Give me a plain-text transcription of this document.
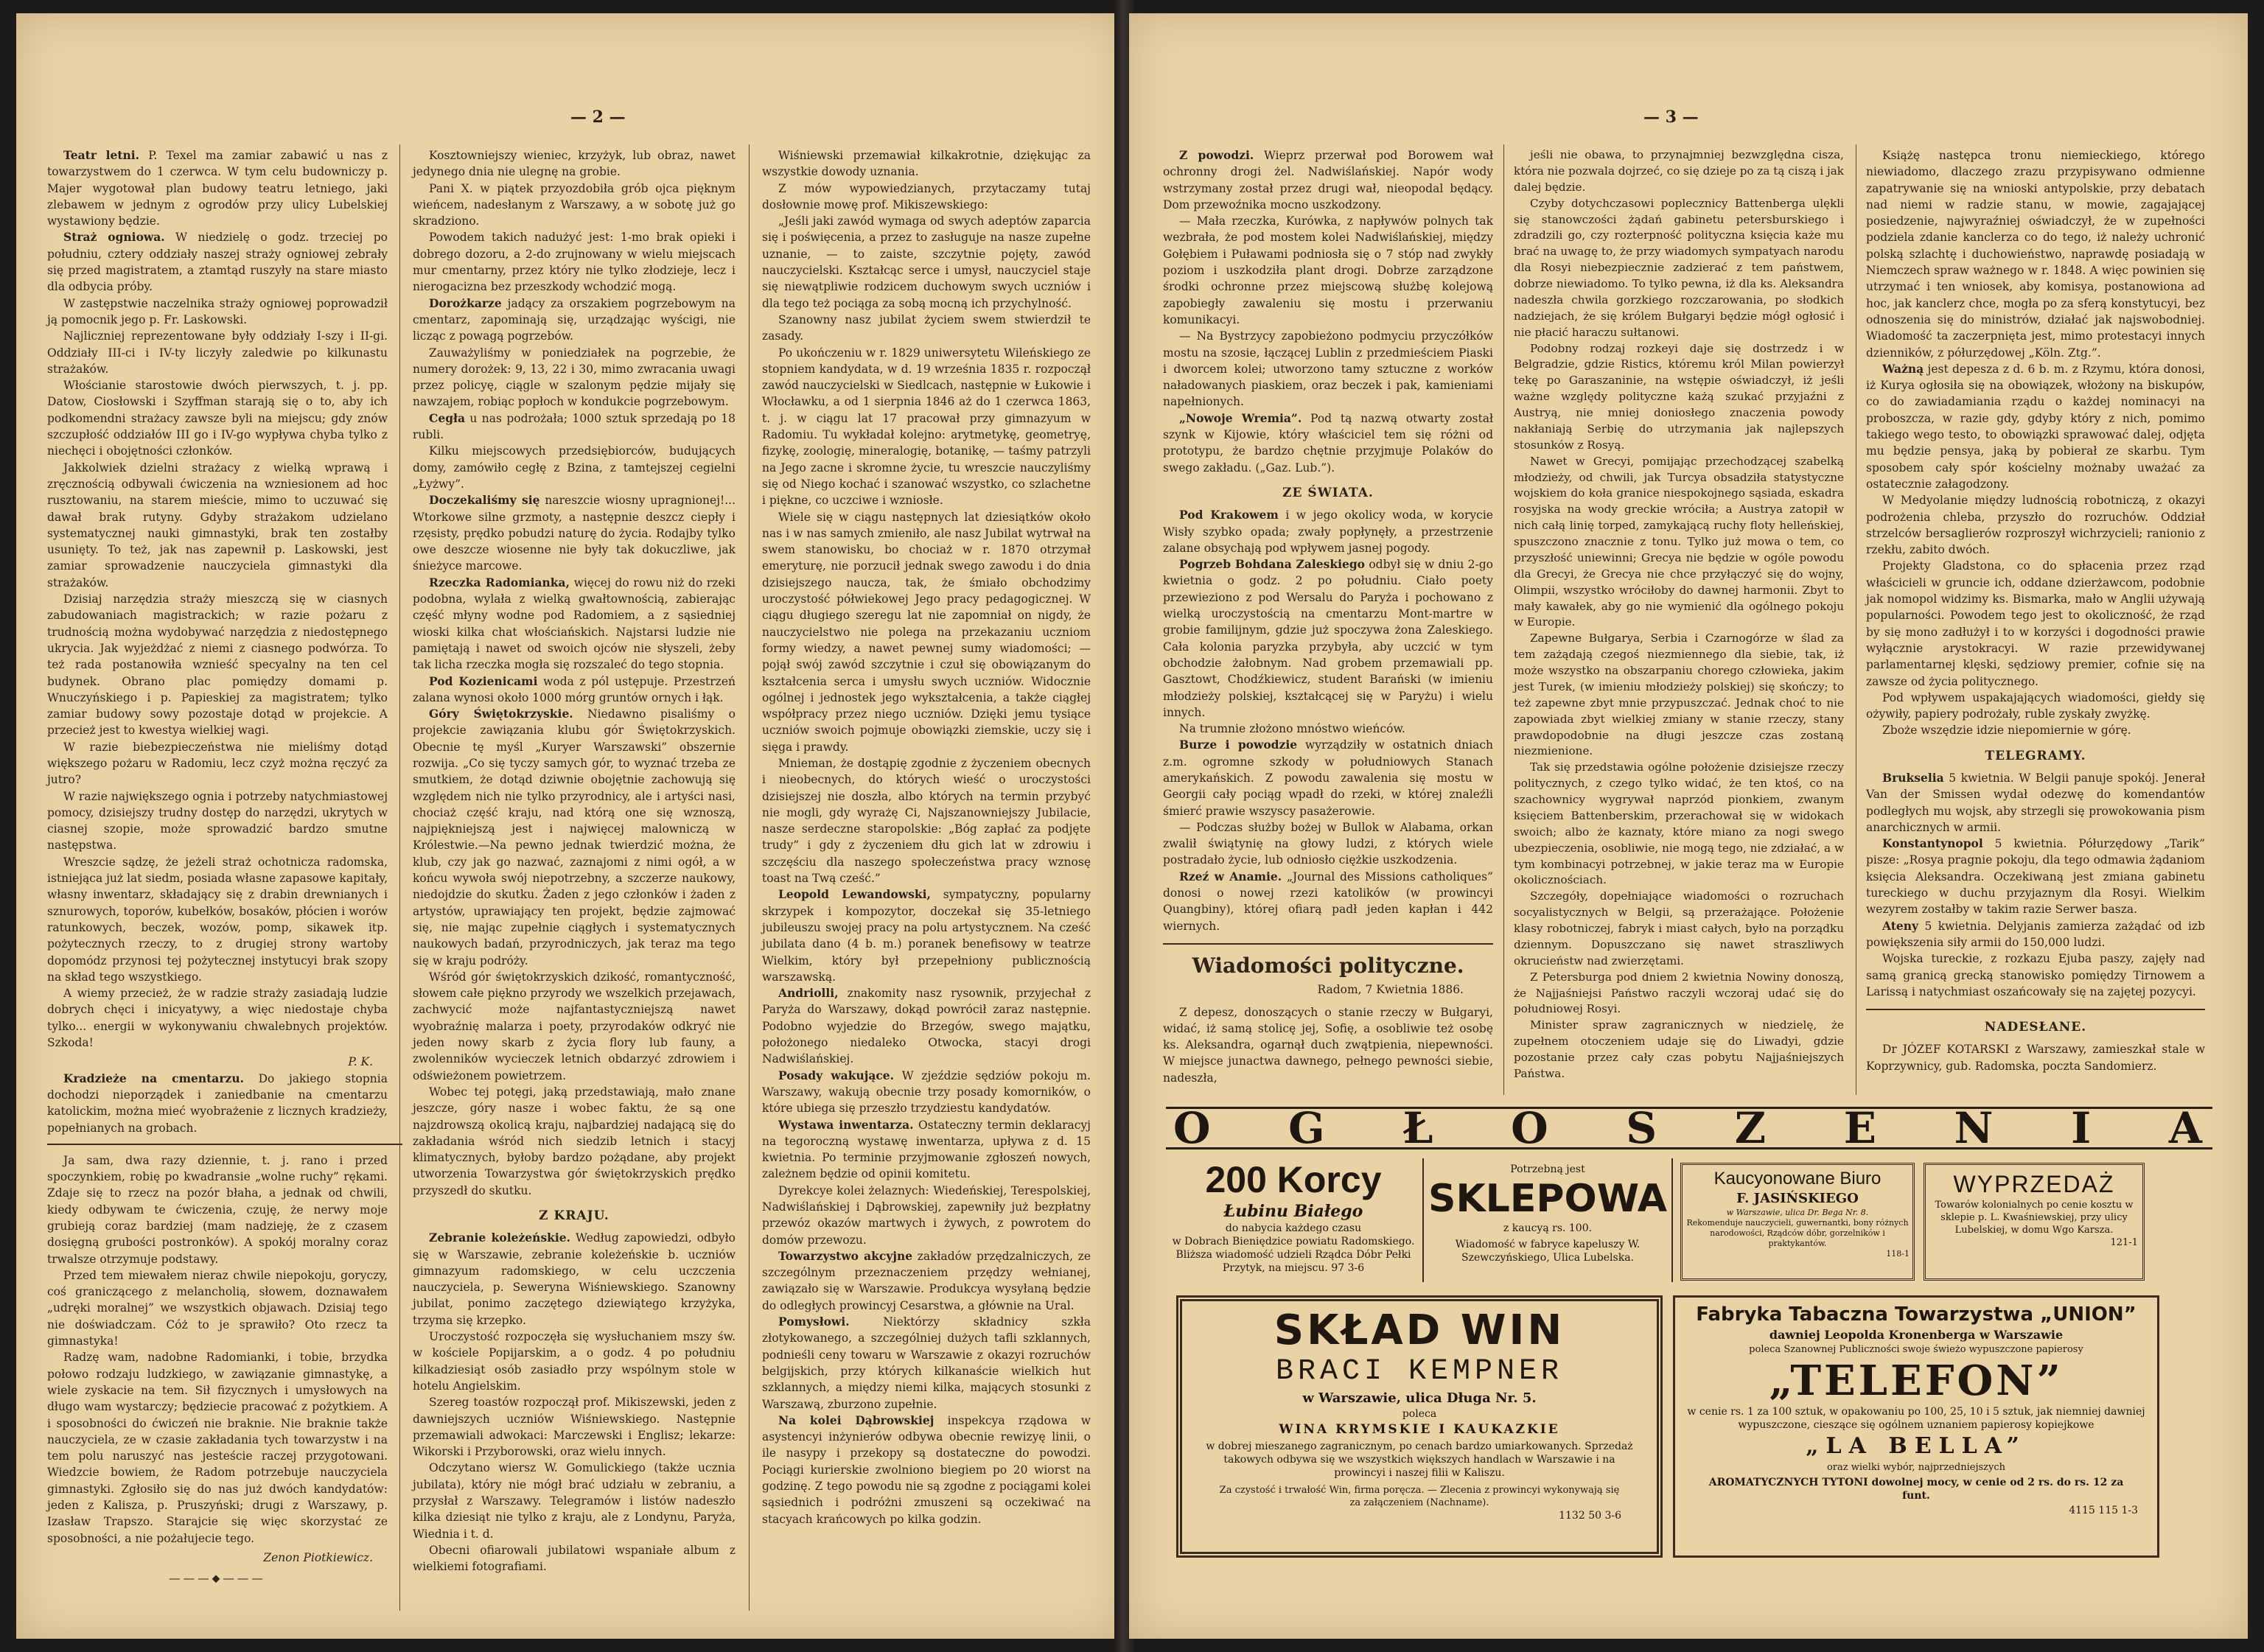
— 2 —

Teatr letni. P. Texel ma zamiar zabawić u nas z towarzystwem do 1 czerwca. W tym celu budowniczy p. Majer wygotował plan budowy teatru letniego, jaki zlebawem w jednym z ogrodów przy ulicy Lubelskiej wystawiony będzie.

Straż ogniowa. W niedzielę o godz. trzeciej po południu, cztery oddziały naszej straży ogniowej zebrały się przed magistratem, a ztamtąd ruszyły na stare miasto dla odbycia próby.

W zastępstwie naczelnika straży ogniowej poprowadził ją pomocnik jego p. Fr. Laskowski.

Najliczniej reprezentowane były oddziały I-szy i II-gi. Oddziały III-ci i IV-ty liczyły zaledwie po kilkunastu strażaków.

Włościanie starostowie dwóch pierwszych, t. j. pp. Datow, Ciosłowski i Szyffman starają się o to, aby ich podkomendni strażacy zawsze byli na miejscu; gdy znów szczupłość oddziałów III go i IV-go wypływa chyba tylko z niechęci i obojętności członków.

Jakkolwiek dzielni strażacy z wielką wprawą i zręcznością odbywali ćwiczenia na wzniesionem ad hoc rusztowaniu, na starem mieście, mimo to uczuwać się dawał brak rutyny. Gdyby strażakom udzielano systematycznej nauki gimnastyki, brak ten zostałby usunięty. To też, jak nas zapewnił p. Laskowski, jest zamiar sprowadzenie nauczyciela gimnastyki dla strażaków.

Dzisiaj narzędzia straży mieszczą się w ciasnych zabudowaniach magistrackich; w razie pożaru z trudnością można wydobywać narzędzia z niedostępnego ukrycia. Jak wyjeżdżać z niemi z ciasnego podwórza. To też rada postanowiła wznieść specyalny na ten cel budynek. Obrano plac pomiędzy domami p. Wnuczyńskiego i p. Papieskiej za magistratem; tylko zamiar budowy sowy pozostaje dotąd w projekcie. A przecież jest to kwestya wielkiej wagi.

W razie biebezpieczeństwa nie mieliśmy dotąd większego pożaru w Radomiu, lecz czyż można ręczyć za jutro?

W razie największego ognia i potrzeby natychmiastowej pomocy, dzisiejszy trudny dostęp do narzędzi, ukrytych w ciasnej szopie, może sprowadzić bardzo smutne następstwa.

Wreszcie sądzę, że jeżeli straż ochotnicza radomska, istniejąca już lat siedm, posiada własne zapasowe kapitały, własny inwentarz, składający się z drabin drewnianych i sznurowych, toporów, kubełków, bosaków, płócien i worów ratunkowych, beczek, wozów, pomp, sikawek itp. pożytecznych rzeczy, to z drugiej strony wartoby dopomódz przynosi tej pożytecznej instytucyi brak szopy na skład tego wszystkiego.

A wiemy przecież, że w radzie straży zasiadają ludzie dobrych chęci i inicyatywy, a więc niedostaje chyba tylko... energii w wykonywaniu chwalebnych projektów. Szkoda!

P. K.

Kradzieże na cmentarzu. Do jakiego stopnia dochodzi nieporządek i zaniedbanie na cmentarzu katolickim, można mieć wyobrażenie z licznych kradzieży, popełnianych na grobach.

Ja sam, dwa razy dziennie, t. j. rano i przed spoczynkiem, robię po kwadransie „wolne ruchy” rękami. Zdaje się to rzecz na pozór błaha, a jednak od chwili, kiedy odbywam te ćwiczenia, czuję, że nerwy moje grubieją coraz bardziej (mam nadzieję, że z czasem dosięgną grubości postronków). A spokój moralny coraz trwalsze otrzymuje podstawy.

Przed tem miewałem nieraz chwile niepokoju, goryczy, coś graniczącego z melancholią, słowem, doznawałem „udręki moralnej” we wszystkich objawach. Dzisiaj tego nie doświadczam. Cóż to je sprawiło? Oto rzecz ta gimnastyka!

Radzę wam, nadobne Radomianki, i tobie, brzydka połowo rodzaju ludzkiego, w zawiązanie gimnastykę, a wiele zyskacie na tem. Sił fizycznych i umysłowych na długo wam wystarczy; będziecie pracować z pożytkiem. A i sposobności do ćwiczeń nie braknie. Nie braknie także nauczyciela, ze w czasie zakładania tych towarzystw i na tem polu naruszyć nas jesteście raczej przygotowani. Wiedzcie bowiem, że Radom potrzebuje nauczyciela gimnastyki. Zgłosiło się do nas już dwóch kandydatów: jeden z Kalisza, p. Pruszyński; drugi z Warszawy, p. Izasław Trapszo. Starajcie się więc skorzystać ze sposobności, a nie pożałujecie tego.

Zenon Piotkiewicz.
———⬥———

Kosztowniejszy wieniec, krzyżyk, lub obraz, nawet jedynego dnia nie ulegnę na grobie.

Pani X. w piątek przyozdobiła grób ojca pięknym wieńcem, nadesłanym z Warszawy, a w sobotę już go skradziono.

Powodem takich nadużyć jest: 1-mo brak opieki i dobrego dozoru, a 2-do zrujnowany w wielu miejscach mur cmentarny, przez który nie tylko złodzieje, lecz i nierogacizna bez przeszkody wchodzić mogą.

Dorożkarze jadący za orszakiem pogrzebowym na cmentarz, zapominają się, urządzając wyścigi, nie licząc z powagą pogrzebów.

Zauważyliśmy w poniedziałek na pogrzebie, że numery dorożek: 9, 13, 22 i 30, mimo zwracania uwagi przez policyę, ciągle w szalonym pędzie mijały się nawzajem, robiąc popłoch w kondukcie pogrzebowym.

Cegła u nas podrożała; 1000 sztuk sprzedają po 18 rubli.

Kilku miejscowych przedsiębiorców, budujących domy, zamówiło cegłę z Bzina, z tamtejszej cegielni „Łyżwy”.

Doczekaliśmy się nareszcie wiosny upragnionej!... Wtorkowe silne grzmoty, a następnie deszcz ciepły i rzęsisty, prędko pobudzi naturę do życia. Rodajby tylko owe deszcze wiosenne nie były tak dokuczliwe, jak śnieżyce marcowe.

Rzeczka Radomianka, więcej do rowu niż do rzeki podobna, wylała z wielką gwałtownością, zabierając część młyny wodne pod Radomiem, a z sąsiedniej wioski kilka chat włościańskich. Najstarsi ludzie nie pamiętają i nawet od swoich ojców nie słyszeli, żeby tak licha rzeczka mogła się rozszaleć do tego stopnia.

Pod Kozienicami woda z pól ustępuje. Przestrzeń zalana wynosi około 1000 mórg gruntów ornych i łąk.

Góry Świętokrzyskie. Niedawno pisaliśmy o projekcie zawiązania klubu gór Świętokrzyskich. Obecnie tę myśl „Kuryer Warszawski” obszernie rozwija. „Co się tyczy samych gór, to wyznać trzeba ze smutkiem, że dotąd dziwnie obojętnie zachowują się względem nich nie tylko przyrodnicy, ale i artyści nasi, chociaż część kraju, nad którą one się wznoszą, najpiękniejszą jest i najwięcej malowniczą w Królestwie.—Na pewno jednak twierdzić można, że klub, czy jak go nazwać, zaznajomi z nimi ogół, a w końcu wywoła swój niepotrzebny, a szczerze naukowy, niedojdzie do skutku. Żaden z jego członków i żaden z artystów, uprawiający ten projekt, będzie zajmować się, nie mając zupełnie ciągłych i systematycznych naukowych badań, przyrodniczych, jak teraz ma tego się w kraju podróży.

Wśród gór świętokrzyskich dzikość, romantyczność, słowem całe piękno przyrody we wszelkich przejawach, zachwycić może najfantastyczniejszą nawet wyobraźnię malarza i poety, przyrodaków odkryć nie jeden nowy skarb z życia flory lub fauny, a zwolenników wycieczek letnich obdarzyć zdrowiem i odświeżonem powietrzem.

Wobec tej potęgi, jaką przedstawiają, mało znane jeszcze, góry nasze i wobec faktu, że są one najzdrowszą okolicą kraju, najbardziej nadającą się do zakładania wśród nich siedzib letnich i stacyj klimatycznych, byłoby bardzo pożądane, aby projekt utworzenia Towarzystwa gór świętokrzyskich prędko przyszedł do skutku.

Z KRAJU.

Zebranie koleżeńskie. Według zapowiedzi, odbyło się w Warszawie, zebranie koleżeńskie b. uczniów gimnazyum radomskiego, w celu uczczenia nauczyciela, p. Seweryna Wiśniewskiego. Szanowny jubilat, ponimo zaczętego dziewiątego krzyżyka, trzyma się krzepko.

Uroczystość rozpoczęła się wysłuchaniem mszy św. w kościele Popijarskim, a o godz. 4 po południu kilkadziesiąt osób zasiadło przy wspólnym stole w hotelu Angielskim.

Szereg toastów rozpoczął prof. Mikiszewski, jeden z dawniejszych uczniów Wiśniewskiego. Następnie przemawiali adwokaci: Marczewski i Englisz; lekarze: Wikorski i Przyborowski, oraz wielu innych.

Odczytano wiersz W. Gomulickiego (także ucznia jubilata), który nie mógł brać udziału w zebraniu, a przysłał z Warszawy. Telegramów i listów nadeszło kilka dziesiąt nie tylko z kraju, ale z Londynu, Paryża, Wiednia i t. d.

Obecni ofiarowali jubilatowi wspaniałe album z wielkiemi fotografiami.

Wiśniewski przemawiał kilkakrotnie, dziękując za wszystkie dowody uznania.

Z mów wypowiedzianych, przytaczamy tutaj dosłownie mowę prof. Mikiszewskiego:

„Jeśli jaki zawód wymaga od swych adeptów zaparcia się i poświęcenia, a przez to zasługuje na nasze zupełne uznanie, — to zaiste, szczytnie pojęty, zawód nauczycielski. Kształcąc serce i umysł, nauczyciel staje się niewątpliwie rodzicem duchowym swych uczniów i dla tego też pociąga za sobą mocną ich przychylność.

Szanowny nasz jubilat życiem swem stwierdził te zasady.

Po ukończeniu w r. 1829 uniwersytetu Wileńskiego ze stopniem kandydata, w d. 19 września 1835 r. rozpoczął zawód nauczycielski w Siedlcach, następnie w Łukowie i Włocławku, a od 1 sierpnia 1846 aż do 1 czerwca 1863, t. j. w ciągu lat 17 pracował przy gimnazyum w Radomiu. Tu wykładał kolejno: arytmetykę, geometryę, fizykę, zoologię, mineralogię, botanikę, — taśmy patrzyli na Jego zacne i skromne życie, tu wreszcie nauczyliśmy się od Niego kochać i szanować wszystko, co szlachetne i piękne, co uczciwe i wzniosłe.

Wiele się w ciągu następnych lat dziesiątków około nas i w nas samych zmieniło, ale nasz Jubilat wytrwał na swem stanowisku, bo chociaż w r. 1870 otrzymał emeryturę, nie porzucił jednak swego zawodu i do dnia dzisiejszego naucza, tak, że śmiało obchodzimy uroczystość półwiekowej Jego pracy pedagogicznej. W ciągu długiego szeregu lat nie zapomniał on nigdy, że nauczycielstwo nie polega na przekazaniu uczniom formy wiedzy, a nawet pewnej sumy wiadomości; — pojął swój zawód szczytnie i czuł się obowiązanym do kształcenia serca i umysłu swych uczniów. Widocznie ogólnej i jednostek jego wykształcenia, a także ciągłej współpracy przez niego uczniów. Dzięki jemu tysiące uczniów swoich pojmuje obowiązki ziemskie, uczy się i sięga i prawdy.

Mnieman, że dostąpię zgodnie z życzeniem obecnych i nieobecnych, do których wieść o uroczystości dzisiejszej nie doszła, albo których na termin przybyć nie mogli, gdy wyrażę Ci, Najszanowniejszy Jubilacie, nasze serdeczne staropolskie: „Bóg zapłać za podjęte trudy” i gdy z życzeniem dłu gich lat w zdrowiu i szczęściu dla naszego społeczeństwa pracy wznosę toast na Twą cześć.”

Leopold Lewandowski, sympatyczny, popularny skrzypek i kompozytor, doczekał się 35-letniego jubileuszu swojej pracy na polu artystycznem. Na cześć jubilata dano (4 b. m.) poranek benefisowy w teatrze Wielkim, który był przepełniony publicznością warszawską.

Andriolli, znakomity nasz rysownik, przyjechał z Paryża do Warszawy, dokąd powrócił zaraz następnie. Podobno wyjedzie do Brzegów, swego majątku, położonego niedaleko Otwocka, stacyi drogi Nadwiślańskiej.

Posady wakujące. W zjeździe sędziów pokoju m. Warszawy, wakują obecnie trzy posady komorników, o które ubiega się przeszło trzydziestu kandydatów.

Wystawa inwentarza. Ostateczny termin deklaracyj na tegoroczną wystawę inwentarza, upływa z d. 15 kwietnia. Po terminie przyjmowanie zgłoszeń nowych, zależnem będzie od opinii komitetu.

Dyrekcye kolei żelaznych: Wiedeńskiej, Terespolskiej, Nadwiślańskiej i Dąbrowskiej, zapewniły już bezpłatny przewóz okazów martwych i żywych, z powrotem do domów przewozu.

Towarzystwo akcyjne zakładów przędzalniczych, ze szczególnym przeznaczeniem przędzy wełnianej, zawiązało się w Warszawie. Produkcya wysyłaną będzie do odległych prowincyj Cesarstwa, a głównie na Ural.

Pomysłowi.	Niektórzy składnicy szkła złotykowanego, a szczególniej dużych tafli szklannych, podnieśli ceny towaru w Warszawie z okazyi rozruchów belgijskich, przy których kilkanaście wielkich hut szklannych, a między niemi kilka, mających stosunki z Warszawą, zburzono zupełnie.

Na kolei Dąbrowskiej inspekcya rządowa w asystencyi inżynierów odbywa obecnie rewizyę linii, o ile nasypy i przekopy są dostateczne do powodzi. Pociągi kurierskie zwolniono biegiem po 20 wiorst na godzinę. Z tego powodu nie są zgodne z pociągami kolei sąsiednich i podróżni zmuszeni są oczekiwać na stacyach krańcowych po kilka godzin.

— 3 —

Z powodzi. Wieprz przerwał pod Borowem wał ochronny drogi żel. Nadwiślańskiej. Napór wody wstrzymany został przez drugi wał, nieopodal będący. Dom przewoźnika mocno uszkodzony.

— Mała rzeczka, Kurówka, z napływów polnych tak wezbrała, że pod mostem kolei Nadwiślańskiej, między Gołębiem i Puławami podniosła się o 7 stóp nad zwykły poziom i uszkodziła plant drogi. Dobrze zarządzone środki ochronne przez miejscową służbę kolejową zapobiegły zawaleniu się mostu i przerwaniu komunikacyi.

— Na Bystrzycy zapobieżono podmyciu przyczółków mostu na szosie, łączącej Lublin z przedmieściem Piaski i dworcem kolei; utworzono tamy sztuczne z worków naładowanych piaskiem, oraz beczek i pak, kamieniami napełnionych.

„Nowoje Wremia”. Pod tą nazwą otwarty został szynk w Kijowie, który właściciel tem się różni od prototypu, że bardzo chętnie przyjmuje Polaków do swego zakładu. („Gaz. Lub.”).

ZE ŚWIATA.

Pod Krakowem i w jego okolicy woda, w korycie Wisły szybko opada; zwały popłynęły, a przestrzenie zalane obsychają pod wpływem jasnej pogody.

Pogrzeb Bohdana Zaleskiego odbył się w dniu 2-go kwietnia o godz. 2 po południu. Ciało poety przewieziono z pod Wersalu do Paryża i pochowano z wielką uroczystością na cmentarzu Mont-martre w grobie familijnym, gdzie już spoczywa żona Zaleskiego. Cała kolonia paryzka przybyła, aby uczcić w tym obchodzie żałobnym. Nad grobem przemawiali pp. Gasztowt, Chodźkiewicz, student Barański (w imieniu młodzieży polskiej, kształcącej się w Paryżu) i wielu innych.

Na trumnie złożono mnóstwo wieńców.

Burze i powodzie wyrządziły w ostatnich dniach z.m. ogromne szkody w południowych Stanach amerykańskich. Z powodu zawalenia się mostu w Georgii cały pociąg wpadł do rzeki, w której znaleźli śmierć prawie wszyscy pasażerowie.

— Podczas służby bożej w Bullok w Alabama, orkan zwalił świątynię na głowy ludzi, z których wiele postradało życie, lub odniosło ciężkie uszkodzenia.

Rzeź w Anamie. „Journal des Missions catholiques” donosi o nowej rzezi katolików (w prowincyi Quangbiny), której ofiarą padł jeden kapłan i 442 wiernych.

Wiadomości polityczne.
Radom, 7 Kwietnia 1886.

Z depesz, donoszących o stanie rzeczy w Bułgaryi, widać, iż samą stolicę jej, Sofię, a osobliwie też osobę ks. Aleksandra, ogarnął duch zwątpienia, niepewności. W miejsce junactwa dawnego, pełnego pewności siebie, nadeszła,

jeśli nie obawa, to przynajmniej bezwzględna cisza, która nie pozwala dojrzeć, co się dzieje po za tą ciszą i jak dalej będzie.

Czyby dotychczasowi poplecznicy Battenberga ulękli się stanowczości żądań gabinetu petersburskiego i zdradzili go, czy rozterpność polityczna księcia każe mu brać na uwagę to, że przy wiadomych sympatyach narodu dla Rosyi niebezpiecznie zadzierać z tem państwem, dobrze niewiadomo. To tylko pewna, iż dla ks. Aleksandra nadeszła chwila gorzkiego rozczarowania, po słodkich nadziejach, że się królem Bułgaryi będzie mógł ogłosić i nie płacić haraczu sułtanowi.

Podobny rodzaj rozkeyi daje się dostrzedz i w Belgradzie, gdzie Ristics, któremu król Milan powierzył tekę po Garaszaninie, na wstępie oświadczył, iż jeśli ważne względy polityczne każą szukać przyjaźni z Austryą, nie mniej doniosłego znaczenia powody nakłaniają Serbię do utrzymania jak najlepszych stosunków z Rosyą.

Nawet w Grecyi, pomijając przechodzącej szabelką młodzieży, od chwili, jak Turcya obsadziła statystyczne wojskiem do koła granice niespokojnego sąsiada, eskadra rosyjska na wody greckie wróciła; a Austrya zatopił w nich całą linię torped, zamykającą ruchy floty helleńskiej, spuszczono znacznie z tonu. Tylko już mowa o tem, co przyszłość uniewinni; Grecya nie będzie w ogóle powodu dla Grecyi, że Grecya nie chce przyłączyć się do wojny, Olimpii, wszystko wróciłoby do dawnej harmonii. Zbyt to mały kawałek, aby go nie wymienić dla ogólnego pokoju w Europie.

Zapewne Bułgarya, Serbia i Czarnogórze w ślad za tem zażądają czegoś niezmiennego dla siebie, tak, iż może wszystko na obszarpaniu chorego człowieka, jakim jest Turek, (w imieniu młodzieży polskiej) się skończy; to też zapewne zbyt mnie przypuszczać. Jednak choć to nie zapowiada zbyt wielkiej zmiany w stanie rzeczy, stany prawdopodobnie na długi jeszcze czas zostaną niezmienione.

Tak się przedstawia ogólne położenie dzisiejsze rzeczy politycznych, z czego tylko widać, że ten ktoś, co na szachownicy wygrywał naprzód pionkiem, zwanym księciem Battenberskim, przerachował się w widokach swoich; albo że kaznaty, które miano za nogi swego ubezpieczenia, osobliwie, nie mogą tego, nie zdziałać, a w tym kombinacyi potrzebnej, w jakie teraz ma w Europie okolicznościach.

Szczegóły, dopełniające wiadomości o rozruchach socyalistycznych w Belgii, są przerażające. Położenie klasy robotniczej, fabryk i miast całych, było na porządku dziennym. Dopuszczano się nawet straszliwych okrucieństw nad zwierzętami.

Z Petersburga pod dniem 2 kwietnia Nowiny donoszą, że Najjaśniejsi Państwo raczyli wczoraj udać się do południowej Rosyi.

Minister spraw zagranicznych w niedzielę, że zupełnem otoczeniem udaje się do Liwadyi, gdzie pozostanie przez cały czas pobytu Najjaśniejszych Państwa.

Książę następca tronu niemieckiego, którego niewiadomo, dlaczego zrazu przypisywano odmienne zapatrywanie się na wnioski antypolskie, przy debatach nad niemi w radzie stanu, w mowie, zagajającej posiedzenie, najwyraźniej oświadczył, że w zupełności podziela zdanie kanclerza co do tego, iż należy uchronić polską szlachtę i duchowieństwo, naprawdę posiadają w Niemczech spraw ważnego w r. 1848. A więc powinien się utrzymać i ten wniosek, aby komisya, postanowiona ad hoc, jak kanclerz chce, mogła po za sferą konstytucyi, bez odnoszenia się do ministrów, działać jak najswobodniej. Wiadomość ta zaczerpnięta jest, mimo protestacyi innych dzienników, z półurzędowej „Köln. Ztg.”.

Ważną jest depesza z d. 6 b. m. z Rzymu, która donosi, iż Kurya ogłosiła się na obowiązek, włożony na biskupów, co do zawiadamiania rządu o każdej nominacyi na proboszcza, w razie gdy, gdyby który z nich, pomimo takiego wego testo, to obowiązki sprawować dalej, odjęta mu będzie pensya, jaką by pobierał ze skarbu. Tym sposobem cały spór kościelny możnaby uważać za ostatecznie załagodzony.

W Medyolanie między ludnością robotniczą, z okazyi podrożenia chleba, przyszło do rozruchów. Oddział strzelców bersaglierów rozproszył wichrzycieli; ranionio z rzekłu, zabito dwóch.

Projekty Gladstona, co do spłacenia przez rząd właścicieli w gruncie ich, oddane dzierżawcom, podobnie jak nomopol widzimy ks. Bismarka, mało w Anglii używają popularności. Powodem tego jest to okoliczność, że rząd by się mono zadłużył i to w korzyści i dogodności prawie wyłącznie arystokracyi. W razie przewidywanej parlamentarnej klęski, sędziowy premier, cofnie się na zawsze od życia politycznego.

Pod wpływem uspakajających wiadomości, giełdy się ożywiły, papiery podrożały, ruble zyskały zwyżkę.

Zboże wszędzie idzie niepomiernie w górę.

TELEGRAMY.

Brukselia 5 kwietnia. W Belgii panuje spokój. Jenerał Van der Smissen wydał odezwę do komendantów podległych mu wojsk, aby strzegli się prowokowania pism anarchicznych w armii.

Konstantynopol 5 kwietnia. Półurzędowy „Tarik” pisze: „Rosya pragnie pokoju, dla tego odmawia żądaniom księcia Aleksandra. Oczekiwaną jest zmiana gabinetu tureckiego w duchu przyjaznym dla Rosyi. Wielkim wezyrem zostałby w takim razie Serwer basza.

Ateny 5 kwietnia. Delyjanis zamierza zażądać od izb powiększenia siły armii do 150,000 ludzi.

Wojska tureckie, z rozkazu Ejuba paszy, zajęły nad samą granicą grecką stanowisko pomiędzy Tirnowem a Larissą i natychmiast oszańcowały się na zajętej pozycyi.

NADESŁANE.

Dr JÓZEF KOTARSKI z Warszawy, zamieszkał stale w Koprzywnicy, gub. Radomska, poczta Sandomierz.

O G Ł O S Z E N I A
200 Korcy
Łubinu Białego
do nabycia każdego czasu
w Dobrach Bieniędzice powiatu Radomskiego.
Bliższa wiadomość udzieli Rządca Dóbr Pełki
Przytyk, na miejscu. 97 3-6
Potrzebną jest
SKLEPOWA
z kaucyą rs. 100.
Wiadomość w fabryce kapeluszy W. Szewczyńskiego, Ulica Lubelska.
Kaucyonowane Biuro
F. JASIŃSKIEGO
w Warszawie, ulica Dr. Bega Nr. 8.
Rekomenduje nauczycieli, guwernantki, bony różnych narodowości, Rządców dóbr, gorzelników i praktykantów.
118-1
WYPRZEDAŻ
Towarów kolonialnych po cenie kosztu w sklepie p. L. Kwaśniewskiej, przy ulicy Lubelskiej, w domu Wgo Karsza.
121-1
SKŁAD WIN
BRACI KEMPNER
w Warszawie, ulica Długa Nr. 5.
poleca
WINA KRYMSKIE I KAUKAZKIE
w dobrej mieszanego zagranicznym, po cenach bardzo umiarkowanych. Sprzedaż takowych odbywa się we wszystkich większych handlach w Warszawie i na prowincyi i naszej filii w Kaliszu.
Za czystość i trwałość Win, firma poręcza. — Zlecenia z prowincyi wykonywają się za załączeniem (Nachname).
1132 50 3-6
Fabryka Tabaczna Towarzystwa „UNION”
dawniej Leopolda Kronenberga w Warszawie
poleca Szanownej Publiczności swoje świeżo wypuszczone papierosy
„TELEFON”
w cenie rs. 1 za 100 sztuk, w opakowaniu po 100, 25, 10 i 5 sztuk, jak niemniej dawniej wypuszczone, cieszące się ogólnem uznaniem papierosy kopiejkowe
„LA BELLA”
oraz wielki wybór, najprzedniejszych
AROMATYCZNYCH TYTONI dowolnej mocy, w cenie od 2 rs. do rs. 12 za funt.
4115 115 1-3
